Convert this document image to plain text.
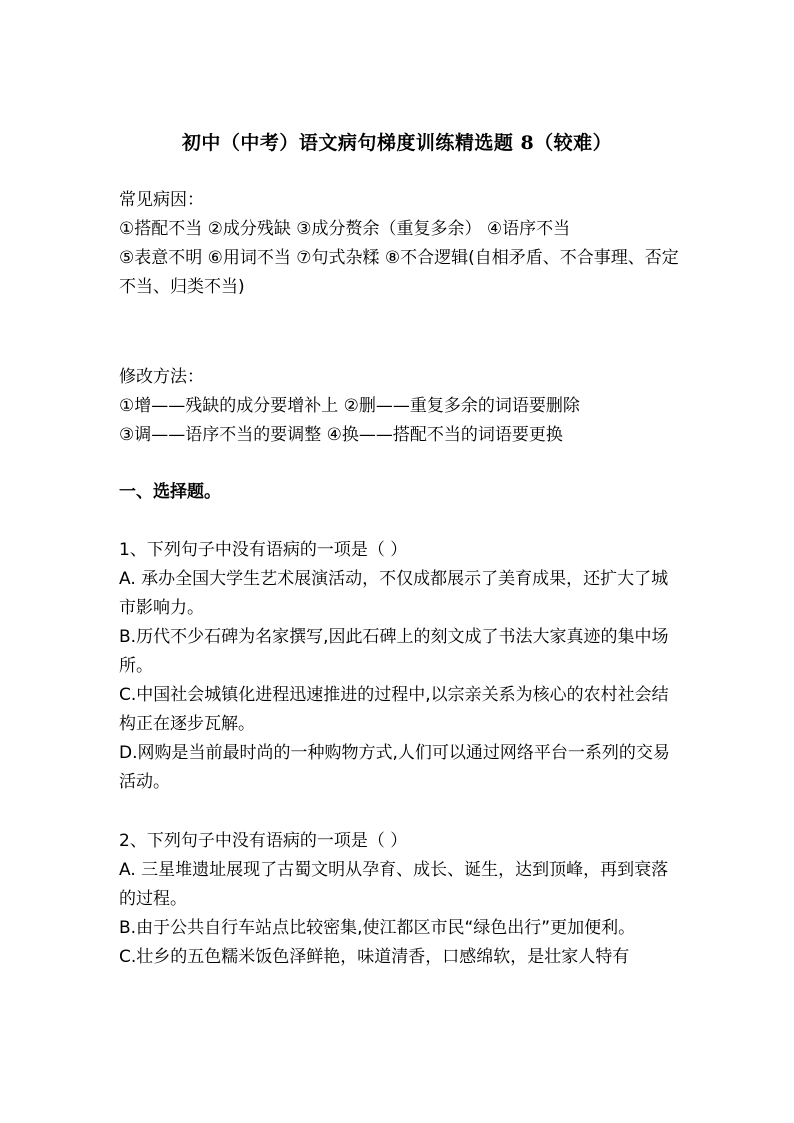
初中（中考）语文病句梯度训练精选题 8（较难）

常见病因：

①搭配不当 ②成分残缺 ③成分赘余（重复多余） ④语序不当

⑤表意不明 ⑥用词不当 ⑦句式杂糅 ⑧不合逻辑(自相矛盾、不合事理、否定不当、归类不当)

修改方法：

①增——残缺的成分要增补上 ②删——重复多余的词语要删除

③调——语序不当的要调整 ④换——搭配不当的词语要更换

一、选择题。

1、下列句子中没有语病的一项是（ ）

A. 承办全国大学生艺术展演活动，不仅成都展示了美育成果，还扩大了城市影响力。

B.历代不少石碑为名家撰写,因此石碑上的刻文成了书法大家真迹的集中场所。

C.中国社会城镇化进程迅速推进的过程中,以宗亲关系为核心的农村社会结构正在逐步瓦解。

D.网购是当前最时尚的一种购物方式,人们可以通过网络平台一系列的交易活动。

2、下列句子中没有语病的一项是（ ）

A. 三星堆遗址展现了古蜀文明从孕育、成长、诞生，达到顶峰，再到衰落的过程。

B.由于公共自行车站点比较密集,使江都区市民“绿色出行”更加便利。

C.壮乡的五色糯米饭色泽鲜艳，味道清香，口感绵软，是壮家人特有
